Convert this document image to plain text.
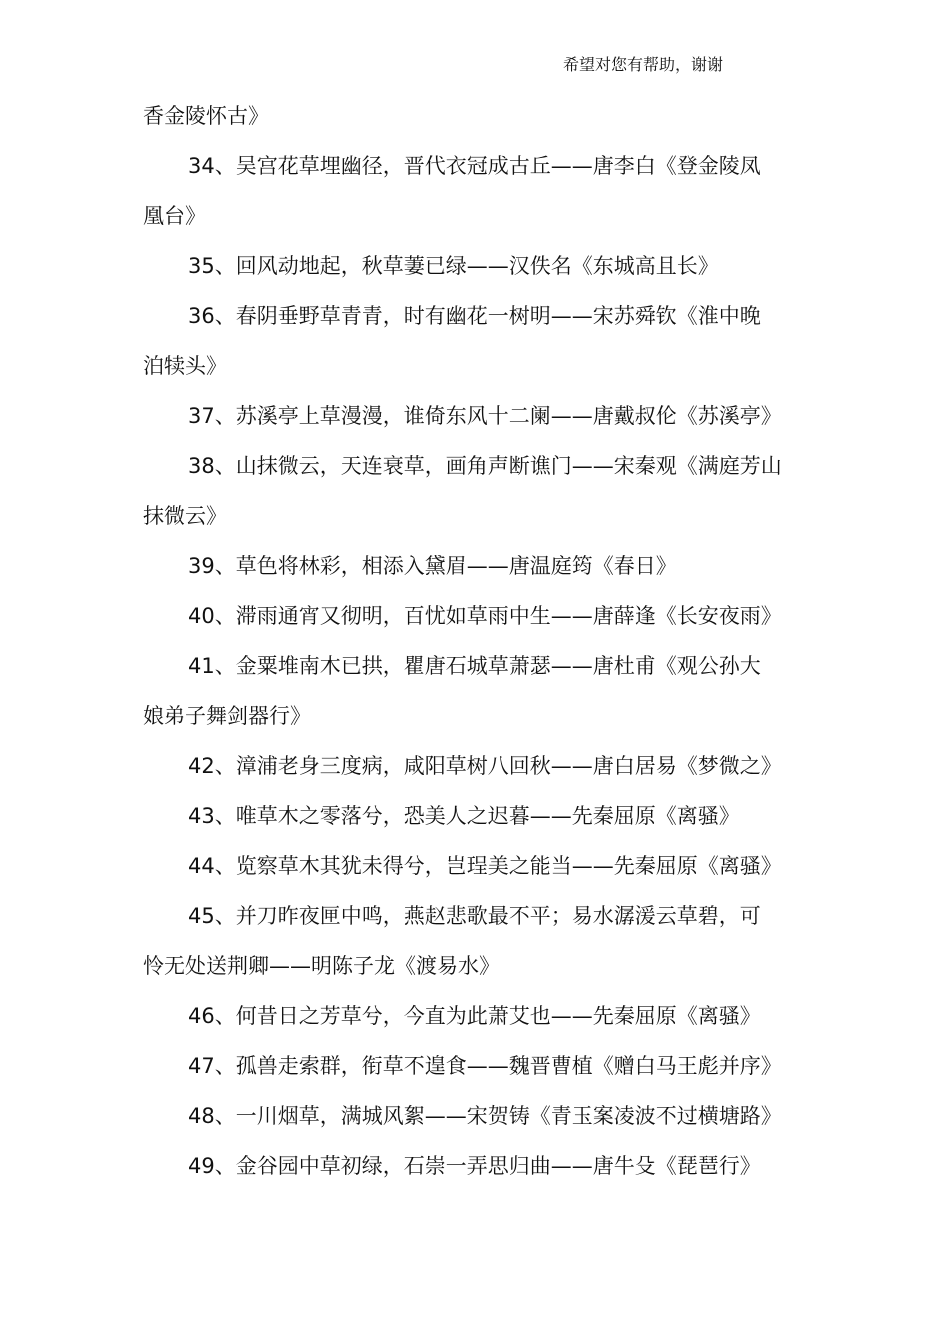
希望对您有帮助，谢谢
香金陵怀古》
34、吴宫花草埋幽径，晋代衣冠成古丘——唐李白《登金陵凤
凰台》
35、回风动地起，秋草萋已绿——汉佚名《东城高且长》
36、春阴垂野草青青，时有幽花一树明——宋苏舜钦《淮中晚
泊犊头》
37、苏溪亭上草漫漫，谁倚东风十二阑——唐戴叔伦《苏溪亭》
38、山抹微云，天连衰草，画角声断谯门——宋秦观《满庭芳山
抹微云》
39、草色将林彩，相添入黛眉——唐温庭筠《春日》
40、滞雨通宵又彻明，百忧如草雨中生——唐薛逢《长安夜雨》
41、金粟堆南木已拱，瞿唐石城草萧瑟——唐杜甫《观公孙大
娘弟子舞剑器行》
42、漳浦老身三度病，咸阳草树八回秋——唐白居易《梦微之》
43、唯草木之零落兮，恐美人之迟暮——先秦屈原《离骚》
44、览察草木其犹未得兮，岂珵美之能当——先秦屈原《离骚》
45、并刀昨夜匣中鸣，燕赵悲歌最不平；易水潺湲云草碧，可
怜无处送荆卿——明陈子龙《渡易水》
46、何昔日之芳草兮，今直为此萧艾也——先秦屈原《离骚》
47、孤兽走索群，衔草不遑食——魏晋曹植《赠白马王彪并序》
48、一川烟草，满城风絮——宋贺铸《青玉案凌波不过横塘路》
49、金谷园中草初绿，石崇一弄思归曲——唐牛殳《琵琶行》
